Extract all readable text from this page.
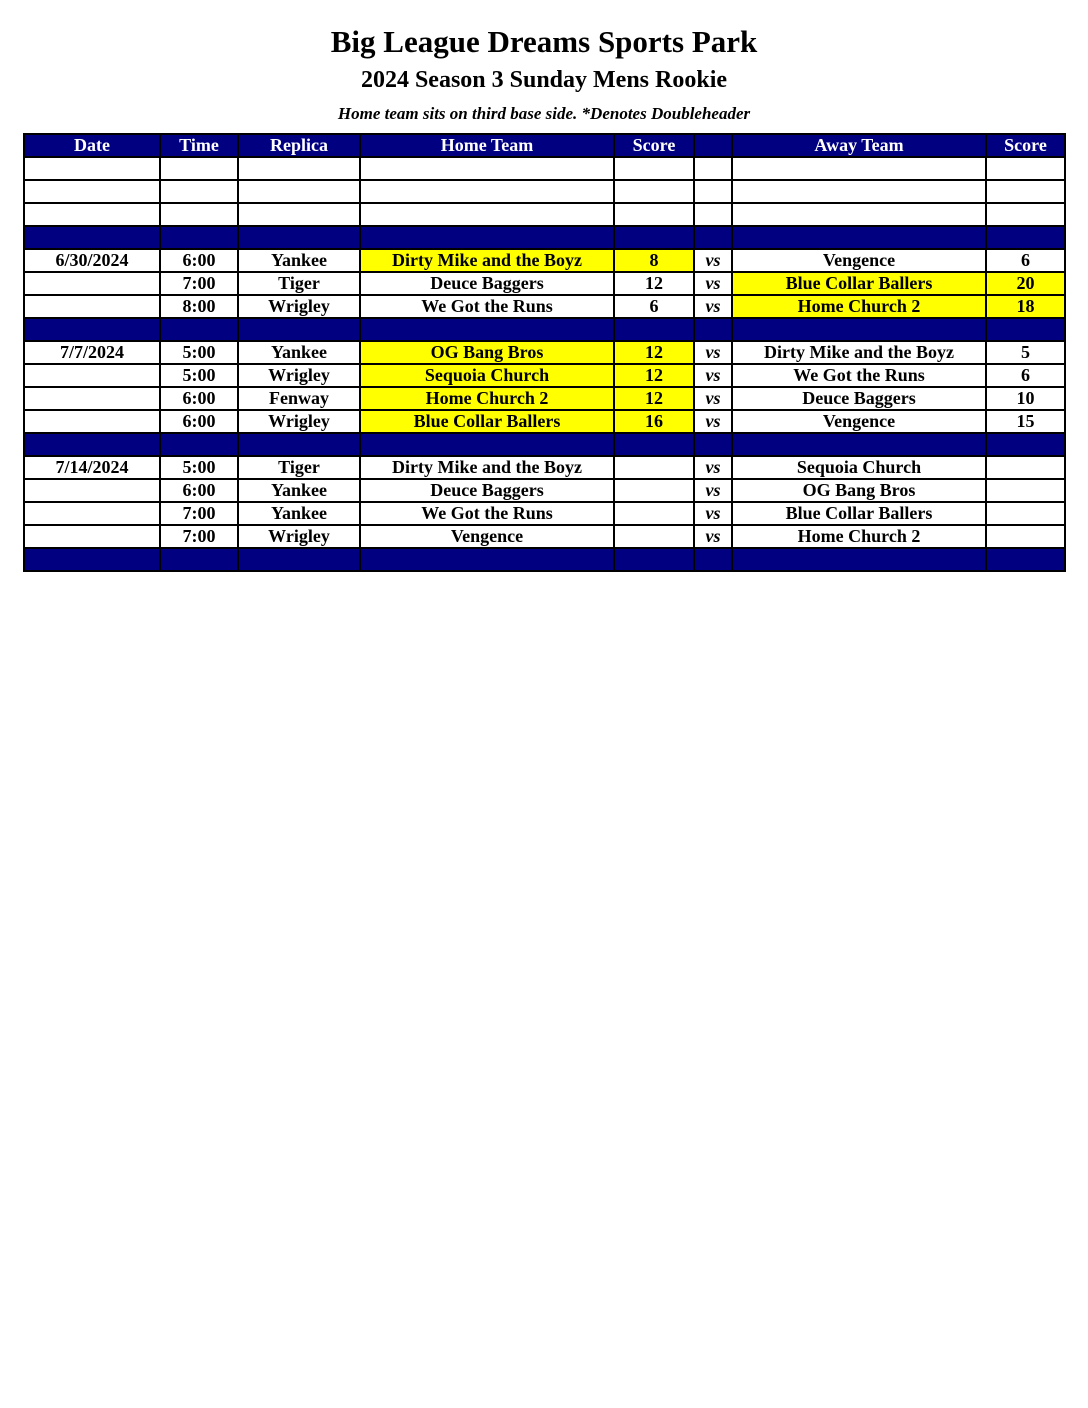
Big League Dreams Sports Park
2024 Season 3 Sunday Mens Rookie
Home team sits on third base side. *Denotes Doubleheader
Date	Time	Replica	Home Team	Score		Away Team	Score

6/30/2024	6:00	Yankee	Dirty Mike and the Boyz	8	vs	Vengence	6
	7:00	Tiger	Deuce Baggers	12	vs	Blue Collar Ballers	20
	8:00	Wrigley	We Got the Runs	6	vs	Home Church 2	18

7/7/2024	5:00	Yankee	OG Bang Bros	12	vs	Dirty Mike and the Boyz	5
	5:00	Wrigley	Sequoia Church	12	vs	We Got the Runs	6
	6:00	Fenway	Home Church 2	12	vs	Deuce Baggers	10
	6:00	Wrigley	Blue Collar Ballers	16	vs	Vengence	15

7/14/2024	5:00	Tiger	Dirty Mike and the Boyz		vs	Sequoia Church	
	6:00	Yankee	Deuce Baggers		vs	OG Bang Bros	
	7:00	Yankee	We Got the Runs		vs	Blue Collar Ballers	
	7:00	Wrigley	Vengence		vs	Home Church 2	
